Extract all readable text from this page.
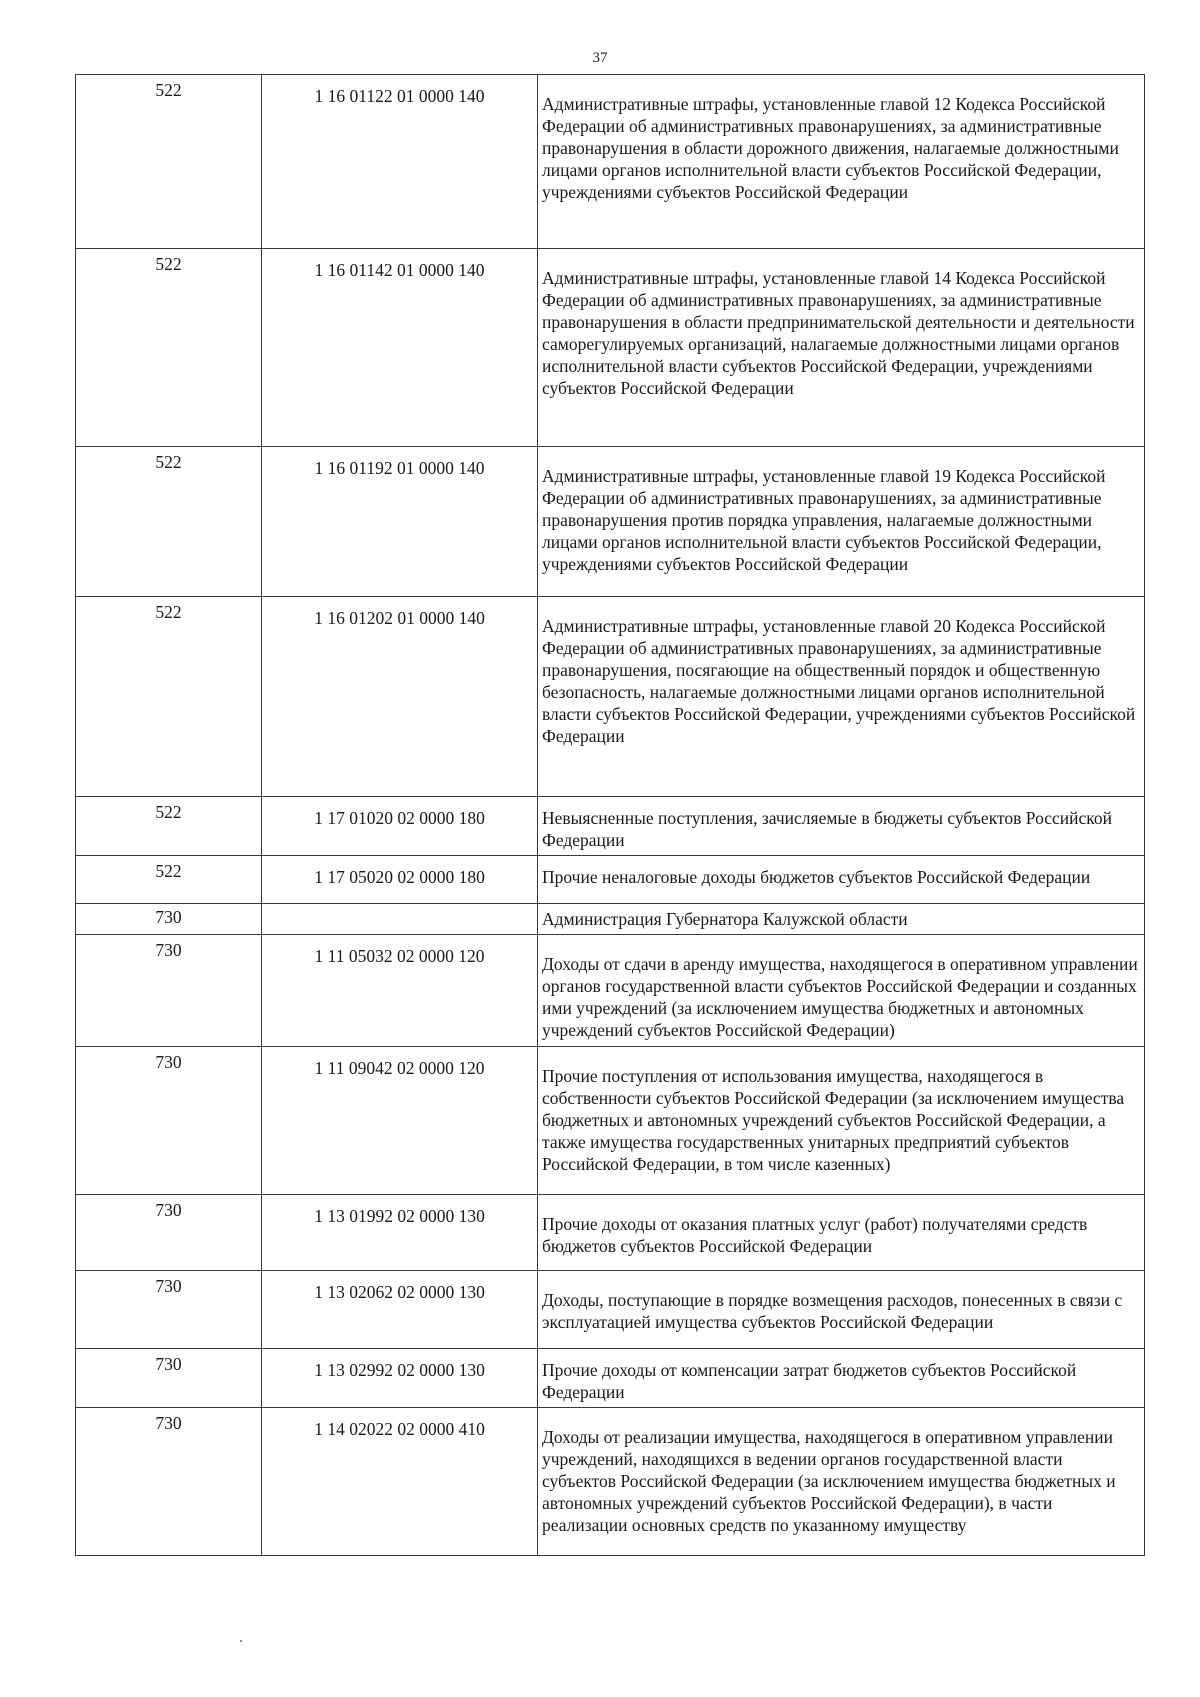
37
522	1 16 01122 01 0000 140	Административные штрафы, установленные главой 12 Кодекса Российской Федерации об административных правонарушениях, за административные правонарушения в области дорожного движения, налагаемые должностными лицами органов исполнительной власти субъектов Российской Федерации, учреждениями субъектов Российской Федерации
522	1 16 01142 01 0000 140	Административные штрафы, установленные главой 14 Кодекса Российской Федерации об административных правонарушениях, за административные правонарушения в области предпринимательской деятельности и деятельности саморегулируемых организаций, налагаемые должностными лицами органов исполнительной власти субъектов Российской Федерации, учреждениями субъектов Российской Федерации
522	1 16 01192 01 0000 140	Административные штрафы, установленные главой 19 Кодекса Российской Федерации об административных правонарушениях, за административные правонарушения против порядка управления, налагаемые должностными лицами органов исполнительной власти субъектов Российской Федерации, учреждениями субъектов Российской Федерации
522	1 16 01202 01 0000 140	Административные штрафы, установленные главой 20 Кодекса Российской Федерации об административных правонарушениях, за административные правонарушения, посягающие на общественный порядок и общественную безопасность, налагаемые должностными лицами органов исполнительной власти субъектов Российской Федерации, учреждениями субъектов Российской Федерации
522	1 17 01020 02 0000 180	Невыясненные поступления, зачисляемые в бюджеты субъектов Российской Федерации
522	1 17 05020 02 0000 180	Прочие неналоговые доходы бюджетов субъектов Российской Федерации
730		Администрация Губернатора Калужской области
730	1 11 05032 02 0000 120	Доходы от сдачи в аренду имущества, находящегося в оперативном управлении органов государственной власти субъектов Российской Федерации и созданных ими учреждений (за исключением имущества бюджетных и автономных учреждений субъектов Российской Федерации)
730	1 11 09042 02 0000 120	Прочие поступления от использования имущества, находящегося в собственности субъектов Российской Федерации (за исключением имущества бюджетных и автономных учреждений субъектов Российской Федерации, а также имущества государственных унитарных предприятий субъектов Российской Федерации, в том числе казенных)
730	1 13 01992 02 0000 130	Прочие доходы от оказания платных услуг (работ) получателями средств бюджетов субъектов Российской Федерации
730	1 13 02062 02 0000 130	Доходы, поступающие в порядке возмещения расходов, понесенных в связи с эксплуатацией имущества субъектов Российской Федерации
730	1 13 02992 02 0000 130	Прочие доходы от компенсации затрат бюджетов субъектов Российской Федерации
730	1 14 02022 02 0000 410	Доходы от реализации имущества, находящегося в оперативном управлении учреждений, находящихся в ведении органов государственной власти субъектов Российской Федерации (за исключением имущества бюджетных и автономных учреждений субъектов Российской Федерации), в части реализации основных средств по указанному имуществу
